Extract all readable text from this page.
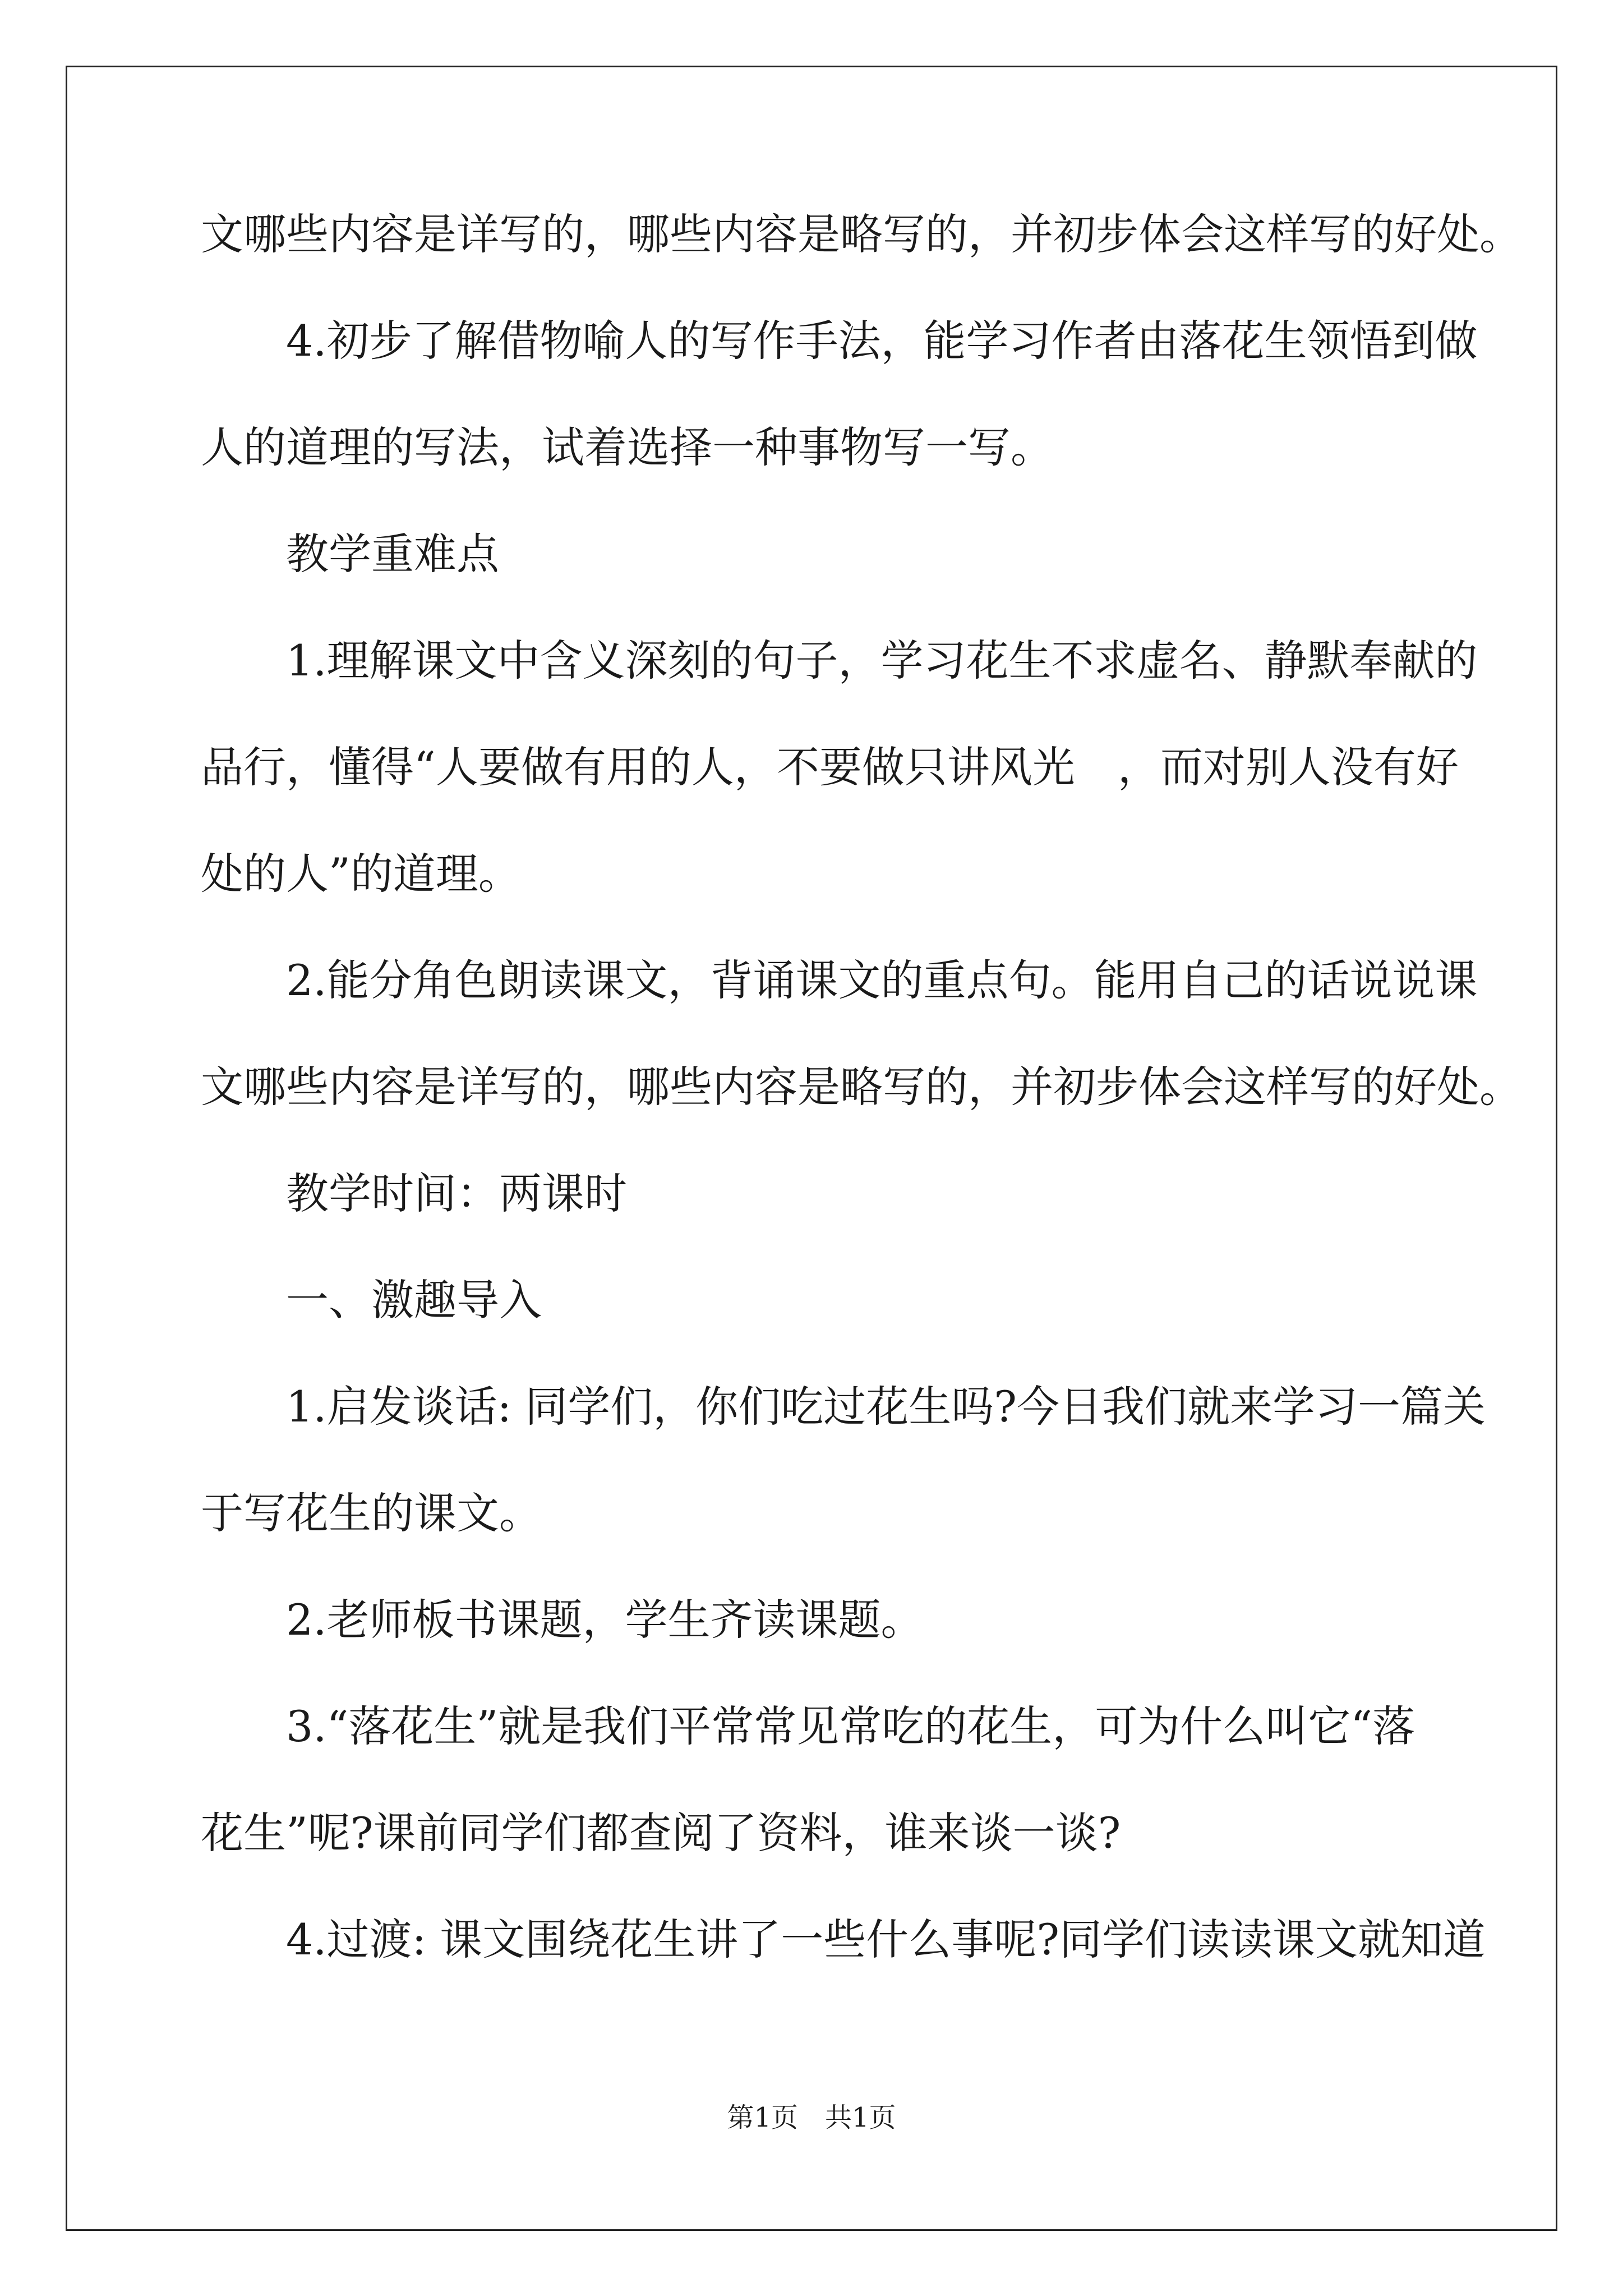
文哪些内容是详写的，哪些内容是略写的，并初步体会这样写的好处。

　　4.初步了解借物喻人的写作手法，能学习作者由落花生领悟到做

人的道理的写法，试着选择一种事物写一写。

　　教学重难点

　　1.理解课文中含义深刻的句子，学习花生不求虚名、静默奉献的

品行，懂得“人要做有用的人，不要做只讲风光　，而对别人没有好

处的人”的道理。

　　2.能分角色朗读课文，背诵课文的重点句。能用自己的话说说课

文哪些内容是详写的，哪些内容是略写的，并初步体会这样写的好处。

　　教学时间：两课时

　　一、激趣导入

　　1.启发谈话: 同学们，你们吃过花生吗?今日我们就来学习一篇关

于写花生的课文。

　　2.老师板书课题，学生齐读课题。

　　3.“落花生”就是我们平常常见常吃的花生，可为什么叫它“落

花生”呢?课前同学们都查阅了资料，谁来谈一谈?

　　4.过渡: 课文围绕花生讲了一些什么事呢?同学们读读课文就知道

第1页　共1页
